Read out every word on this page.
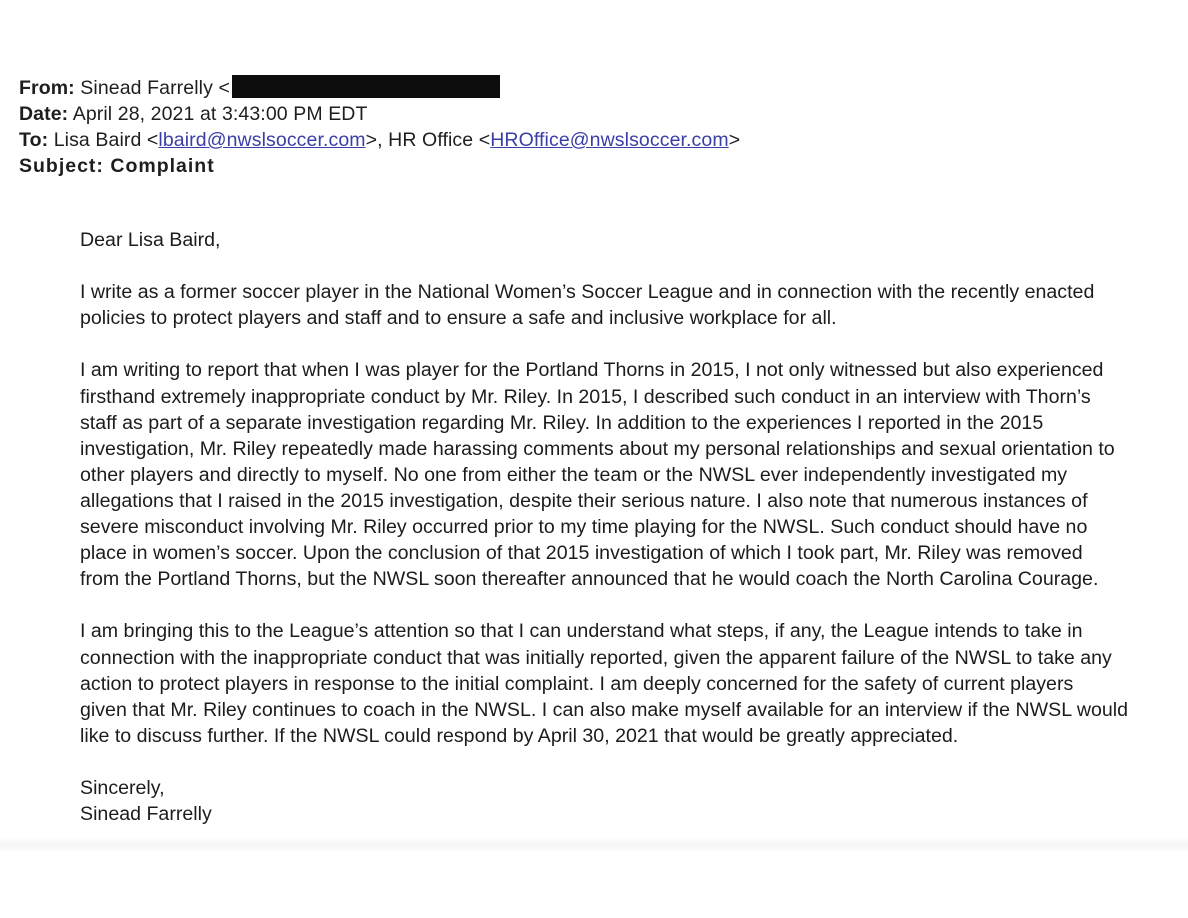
From: Sinead Farrelly <
Date: April 28, 2021 at 3:43:00 PM EDT
To: Lisa Baird <lbaird@nwslsoccer.com>, HR Office <HROffice@nwslsoccer.com>
Subject: Complaint
Dear Lisa Baird,
I write as a former soccer player in the National Women’s Soccer League and in connection with the recently enacted
policies to protect players and staff and to ensure a safe and inclusive workplace for all.
I am writing to report that when I was player for the Portland Thorns in 2015, I not only witnessed but also experienced
firsthand extremely inappropriate conduct by Mr. Riley. In 2015, I described such conduct in an interview with Thorn’s
staff as part of a separate investigation regarding Mr. Riley. In addition to the experiences I reported in the 2015
investigation, Mr. Riley repeatedly made harassing comments about my personal relationships and sexual orientation to
other players and directly to myself. No one from either the team or the NWSL ever independently investigated my
allegations that I raised in the 2015 investigation, despite their serious nature. I also note that numerous instances of
severe misconduct involving Mr. Riley occurred prior to my time playing for the NWSL. Such conduct should have no
place in women’s soccer. Upon the conclusion of that 2015 investigation of which I took part, Mr. Riley was removed
from the Portland Thorns, but the NWSL soon thereafter announced that he would coach the North Carolina Courage.
I am bringing this to the League’s attention so that I can understand what steps, if any, the League intends to take in
connection with the inappropriate conduct that was initially reported, given the apparent failure of the NWSL to take any
action to protect players in response to the initial complaint. I am deeply concerned for the safety of current players
given that Mr. Riley continues to coach in the NWSL. I can also make myself available for an interview if the NWSL would
like to discuss further. If the NWSL could respond by April 30, 2021 that would be greatly appreciated.
Sincerely,
Sinead Farrelly
